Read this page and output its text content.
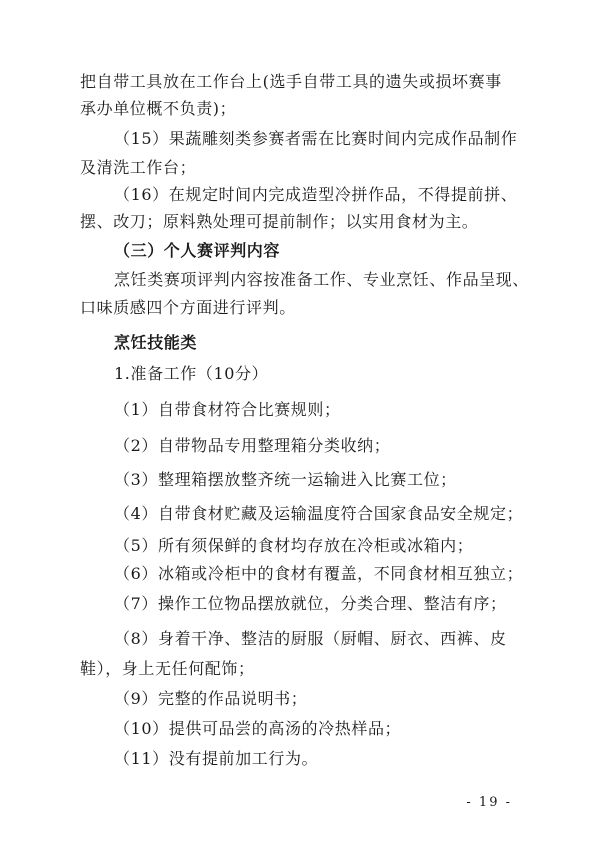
把自带工具放在工作台上(选手自带工具的遗失或损坏赛事
承办单位概不负责)；
（15）果蔬雕刻类参赛者需在比赛时间内完成作品制作
及清洗工作台；
（16）在规定时间内完成造型冷拼作品，不得提前拼、
摆、改刀；原料熟处理可提前制作；以实用食材为主。
（三）个人赛评判内容
烹饪类赛项评判内容按准备工作、专业烹饪、作品呈现、
口味质感四个方面进行评判。
烹饪技能类
1.准备工作（10分）
（1）自带食材符合比赛规则；
（2）自带物品专用整理箱分类收纳；
（3）整理箱摆放整齐统一运输进入比赛工位；
（4）自带食材贮藏及运输温度符合国家食品安全规定；
（5）所有须保鲜的食材均存放在冷柜或冰箱内；
（6）冰箱或冷柜中的食材有覆盖，不同食材相互独立；
（7）操作工位物品摆放就位，分类合理、整洁有序；
（8）身着干净、整洁的厨服（厨帽、厨衣、西裤、皮
鞋），身上无任何配饰；
（9）完整的作品说明书；
- 19 -
（10）提供可品尝的高汤的冷热样品；
（11）没有提前加工行为。
